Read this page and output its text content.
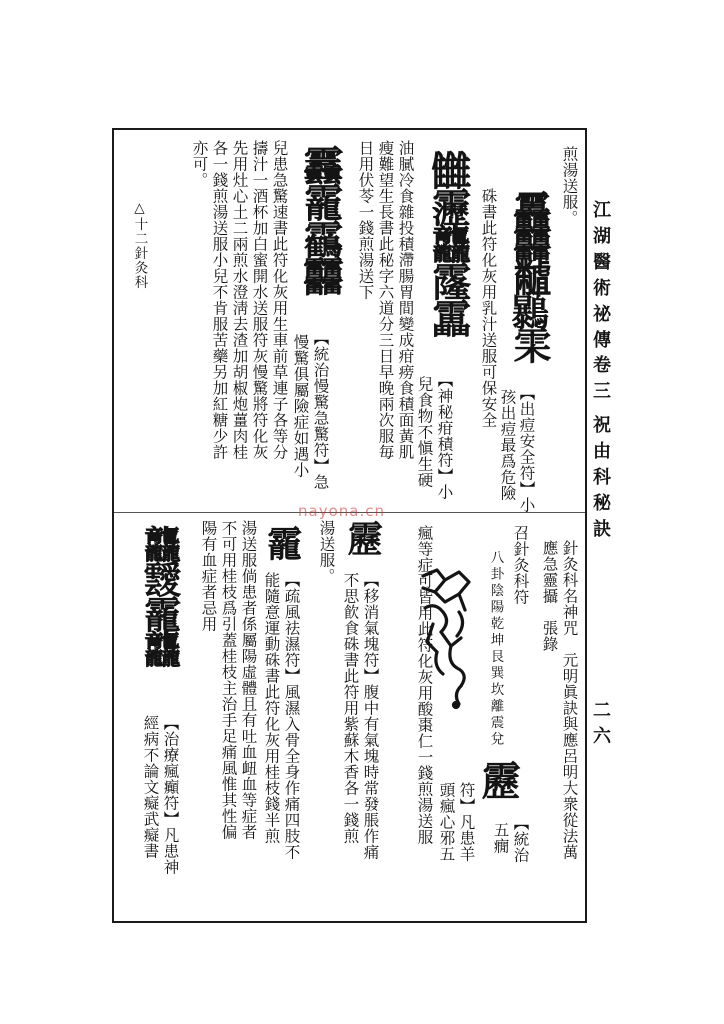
江湖醫術祕傳
卷三
祝由科秘訣
二六
煎湯送服。
靐䨻𪓐𪇰雬
【出痘安全符】小
孩出痘最爲危險
硃書此符化灰用乳汁送服可保安全
雦靋龘霳靁
【神秘疳積符】小
兒食物不愼生硬
油膩冷食雜投積滯腸胃間變成疳痨食積面黃肌
瘦難望生長書此秘字六道分三日早晚兩次服毎
日用伏苓一錢煎湯送下
䨺靇靏䨻
【統治慢驚急驚符】急
慢驚俱屬險症如遇小
兒患急驚速書此符化灰用生車前草連子各等分
擣汁一酒杯加白蜜開水送服符灰慢驚將符化灰
先用灶心土二兩煎水澄淸去渣加胡椒炮薑肉桂
各一錢煎湯送服小兒不肯服苦藥另加紅糖少許
亦可。
△十二針灸科
nayona.cn
針灸科名神咒　元明眞訣與應呂明大衆從法萬
應急靈攝　張錄
召針灸科符
八卦陰陽乾坤艮巽坎離震兌
靂
【統治
五癇
符】凡患羊
頭瘋心邪五
瘋等症可皆用此符化灰用酸棗仁一錢煎湯送服
靂
【移消氣塊符】腹中有氣塊時常發脹作痛
不思飮食硃書此符用紫蘇木香各一錢煎
湯送服。
靇
【疏風祛濕符】風濕入骨全身作痛四肢不
能隨意運動硃書此符化灰用桂枝錢半煎
湯送服倘患者係屬陽虛體且有吐血衄血等症者
不可用桂枝爲引蓋桂枝主治手足痛風惟其性偏
陽有血症者忌用
龘靉靇龘
【治療瘋癲符】凡患神
經病不論文癡武癡書
